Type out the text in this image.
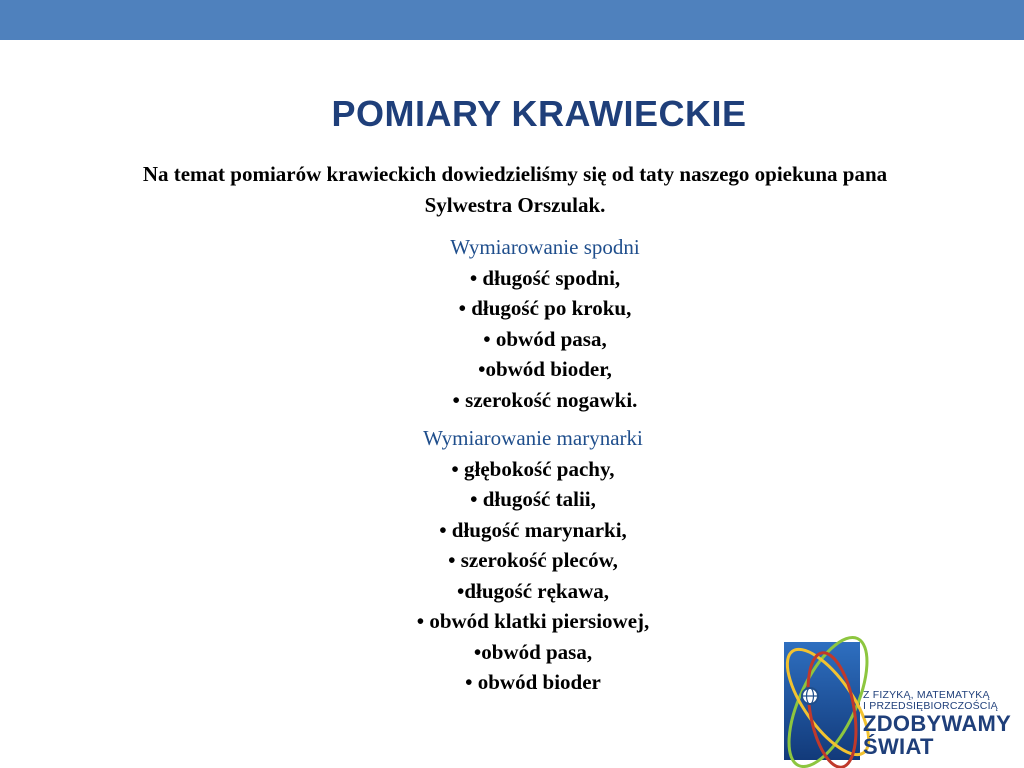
POMIARY KRAWIECKIE

Na temat pomiarów krawieckich dowiedzieliśmy się od taty naszego opiekuna pana Sylwestra Orszulak.

Wymiarowanie spodni
• długość spodni,
• długość po kroku,
• obwód pasa,
•obwód bioder,
• szerokość nogawki.
Wymiarowanie marynarki
• głębokość pachy,
• długość talii,
• długość marynarki,
• szerokość pleców,
•długość rękawa,
• obwód klatki piersiowej,
•obwód pasa,
• obwód bioder
Z FIZYKĄ, MATEMATYKĄ
I PRZEDSIĘBIORCZOŚCIĄ
ZDOBYWAMY
ŚWIAT
